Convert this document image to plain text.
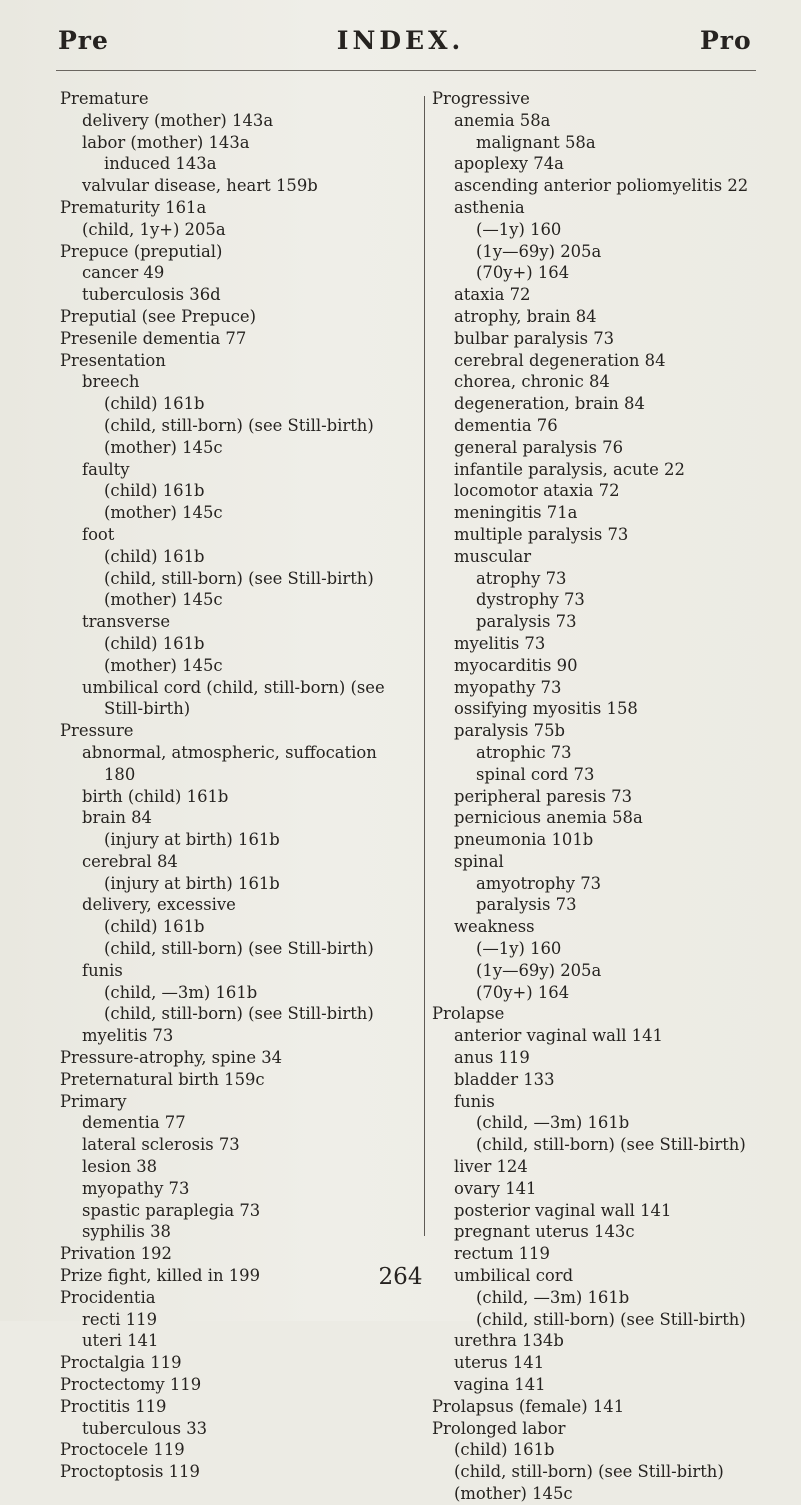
Pre	INDEX.	Pro
Premature
delivery (mother) 143a
labor (mother) 143a
induced 143a
valvular disease, heart 159b
Prematurity 161a
(child, 1y+) 205a
Prepuce (preputial)
cancer 49
tuberculosis 36d
Preputial (see Prepuce)
Presenile dementia 77
Presentation
breech
(child) 161b
(child, still-born) (see Still-birth)
(mother) 145c
faulty
(child) 161b
(mother) 145c
foot
(child) 161b
(child, still-born) (see Still-birth)
(mother) 145c
transverse
(child) 161b
(mother) 145c
umbilical cord (child, still-born) (see
Still-birth)
Pressure
abnormal, atmospheric, suffocation
180
birth (child) 161b
brain 84
(injury at birth) 161b
cerebral 84
(injury at birth) 161b
delivery, excessive
(child) 161b
(child, still-born) (see Still-birth)
funis
(child, —3m) 161b
(child, still-born) (see Still-birth)
myelitis 73
Pressure-atrophy, spine 34
Preternatural birth 159c
Primary
dementia 77
lateral sclerosis 73
lesion 38
myopathy 73
spastic paraplegia 73
syphilis 38
Privation 192
Prize fight, killed in 199
Procidentia
recti 119
uteri 141
Proctalgia 119
Proctectomy 119
Proctitis 119
tuberculous 33
Proctocele 119
Proctoptosis 119
Progressive
anemia 58a
malignant 58a
apoplexy 74a
ascending anterior poliomyelitis 22
asthenia
(—1y) 160
(1y—69y) 205a
(70y+) 164
ataxia 72
atrophy, brain 84
bulbar paralysis 73
cerebral degeneration 84
chorea, chronic 84
degeneration, brain 84
dementia 76
general paralysis 76
infantile paralysis, acute 22
locomotor ataxia 72
meningitis 71a
multiple paralysis 73
muscular
atrophy 73
dystrophy 73
paralysis 73
myelitis 73
myocarditis 90
myopathy 73
ossifying myositis 158
paralysis 75b
atrophic 73
spinal cord 73
peripheral paresis 73
pernicious anemia 58a
pneumonia 101b
spinal
amyotrophy 73
paralysis 73
weakness
(—1y) 160
(1y—69y) 205a
(70y+) 164
Prolapse
anterior vaginal wall 141
anus 119
bladder 133
funis
(child, —3m) 161b
(child, still-born) (see Still-birth)
liver 124
ovary 141
posterior vaginal wall 141
pregnant uterus 143c
rectum 119
umbilical cord
(child, —3m) 161b
(child, still-born) (see Still-birth)
urethra 134b
uterus 141
vagina 141
Prolapsus (female) 141
Prolonged labor
(child) 161b
(child, still-born) (see Still-birth)
(mother) 145c
264
